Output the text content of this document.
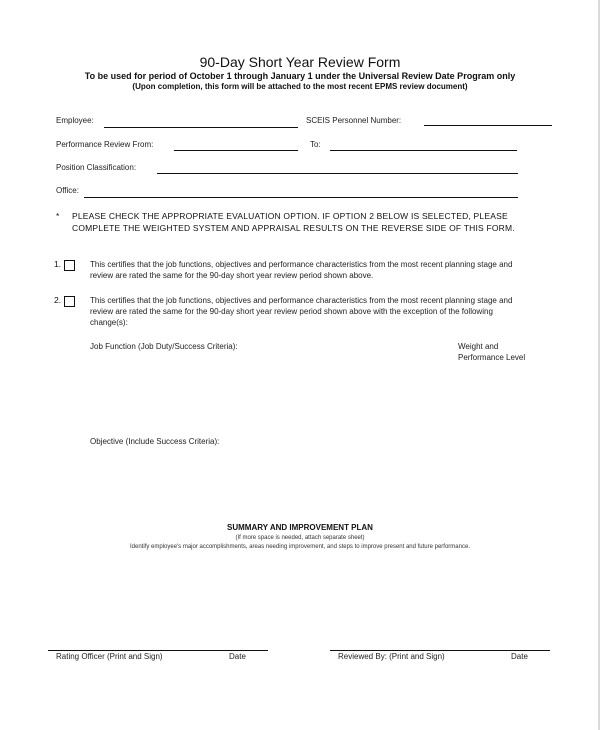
90-Day Short Year Review Form
To be used for period of October 1 through January 1 under the Universal Review Date Program only
(Upon completion, this form will be attached to the most recent EPMS review document)
Employee:	SCEIS Personnel Number:
Performance Review From:	To:
Position Classification:
Office:
* PLEASE CHECK THE APPROPRIATE EVALUATION OPTION. IF OPTION 2 BELOW IS SELECTED, PLEASE COMPLETE THE WEIGHTED SYSTEM AND APPRAISAL RESULTS ON THE REVERSE SIDE OF THIS FORM.
1.	This certifies that the job functions, objectives and performance characteristics from the most recent planning stage and review are rated the same for the 90-day short year review period shown above.
2.	This certifies that the job functions, objectives and performance characteristics from the most recent planning stage and review are rated the same for the 90-day short year review period shown above with the exception of the following change(s):
Job Function (Job Duty/Success Criteria):	Weight and
Performance Level
Objective (Include Success Criteria):
SUMMARY AND IMPROVEMENT PLAN
(If more space is needed, attach separate sheet)
Identify employee's major accomplishments, areas needing improvement, and steps to improve present and future performance.
Rating Officer (Print and Sign)	Date	Reviewed By: (Print and Sign)	Date
